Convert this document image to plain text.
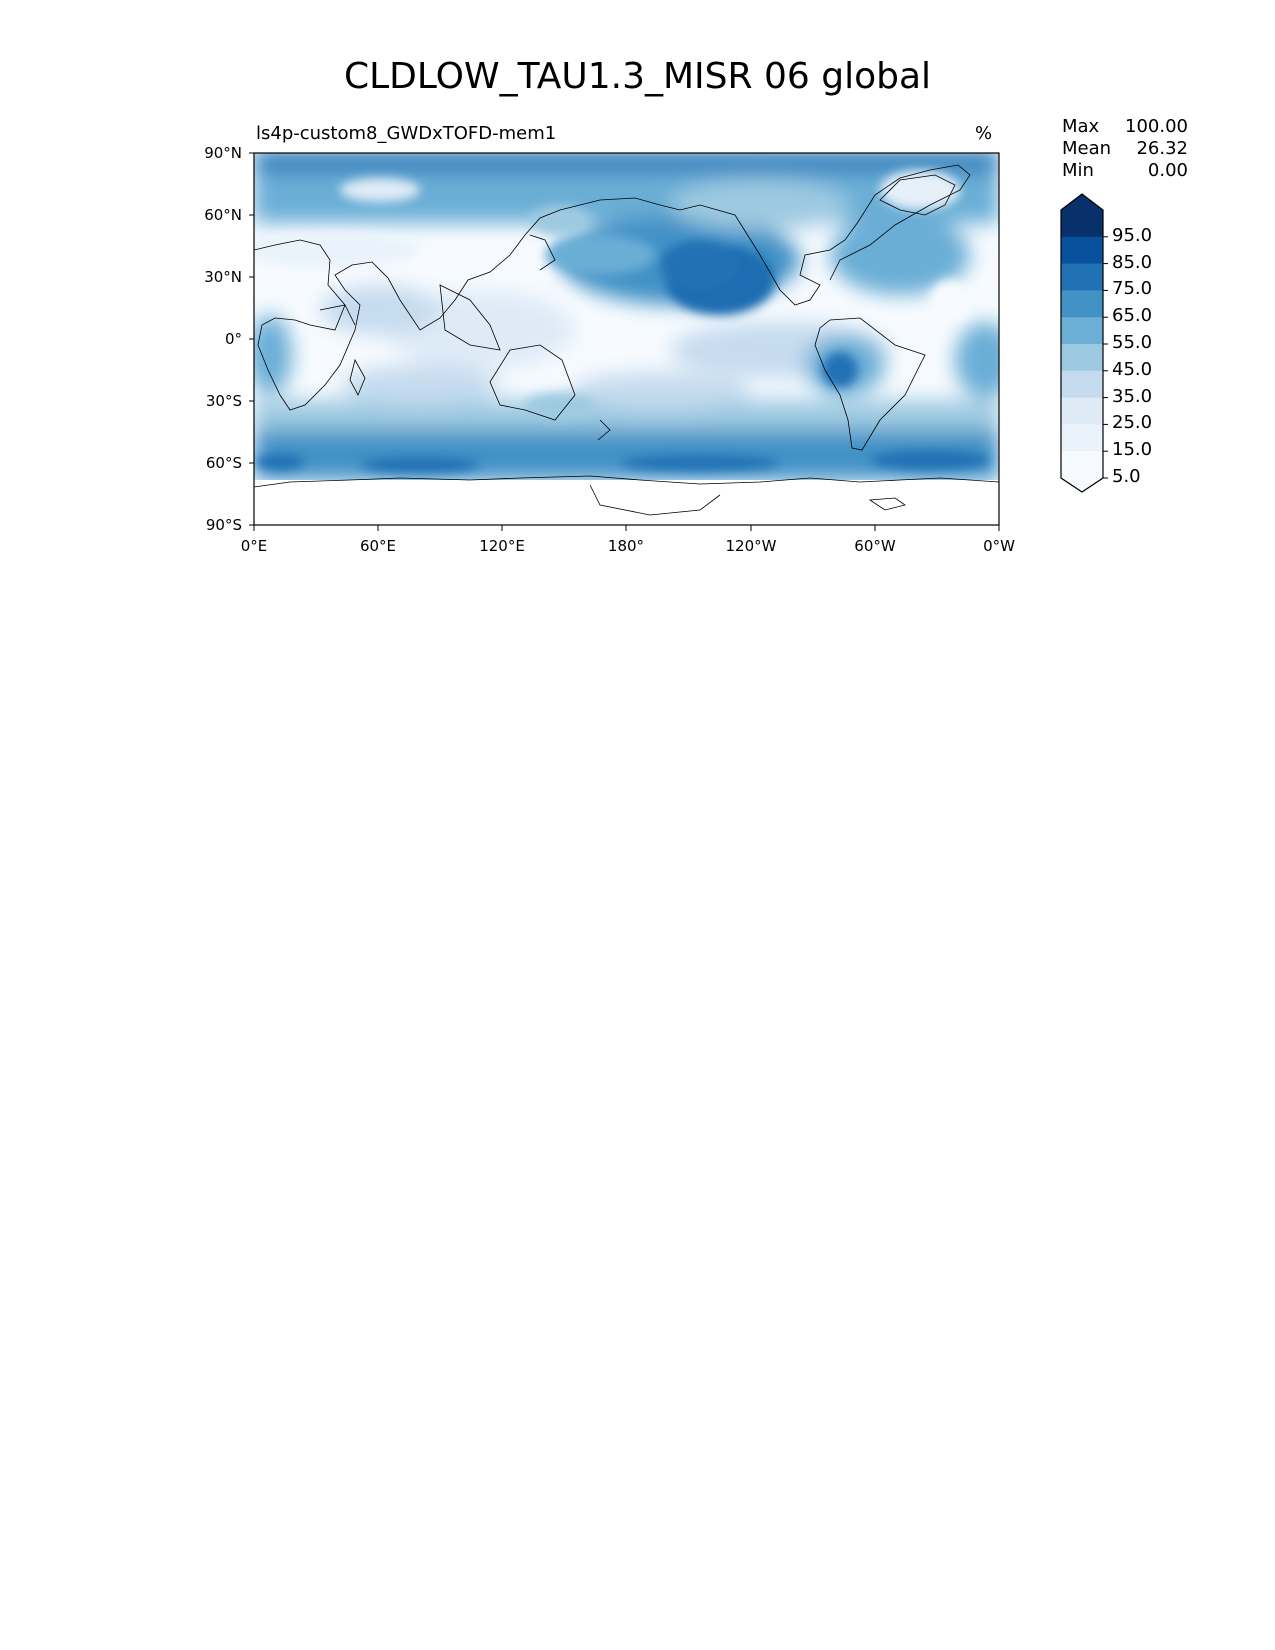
CLDLOW_TAU1.3_MISR 06 global
ls4p-custom8_GWDxTOFD-mem1	%	Max 100.00
Mean 26.32
Min	0.00
90°N
60°N
30°N
0°
30°S
60°S
90°S
0°E	60°E	120°E	180°	120°W	60°W	0°W
95.0
85.0
75.0
65.0
55.0
45.0
35.0
25.0
15.0
5.0
